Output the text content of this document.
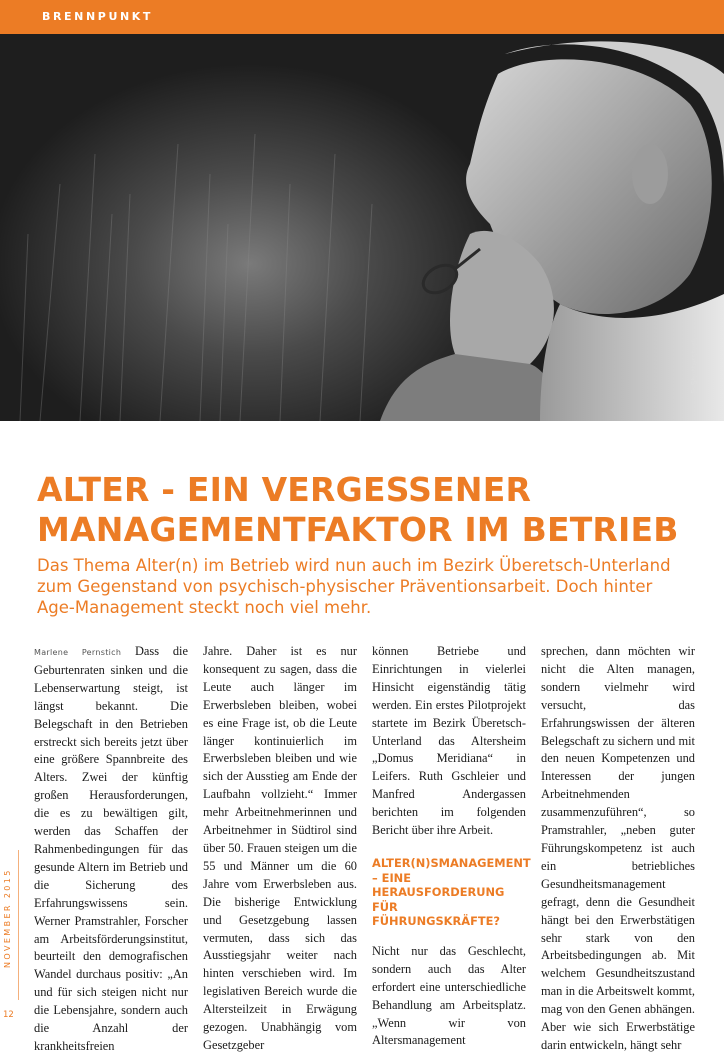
BRENNPUNKT
F: Shutterstock
ALTER - EIN VERGESSENER
MANAGEMENTFAKTOR IM BETRIEB

Das Thema Alter(n) im Betrieb wird nun auch im Bezirk Überetsch-Unterland
zum Gegenstand von psychisch-physischer Präventionsarbeit. Doch hinter
Age-Management steckt noch viel mehr.

Marlene Pernstich Dass die Geburtenraten sinken und die Lebenserwartung steigt, ist längst bekannt. Die Belegschaft in den Betrieben erstreckt sich bereits jetzt über eine größere Spannbreite des Alters. Zwei der künftig großen Herausforderungen, die es zu bewältigen gilt, werden das Schaffen der Rahmenbedingungen für das gesunde Altern im Betrieb und die Sicherung des Erfahrungswissens sein. Werner Pramstrahler, Forscher am Arbeitsförderungsinstitut, beurteilt den demografischen Wandel durchaus positiv: „An und für sich steigen nicht nur die Lebensjahre, sondern auch die Anzahl der krankheitsfreien

Jahre. Daher ist es nur konsequent zu sagen, dass die Leute auch länger im Erwerbsleben bleiben, wobei es eine Frage ist, ob die Leute länger kontinuierlich im Erwerbsleben bleiben und wie sich der Ausstieg am Ende der Laufbahn vollzieht.“ Immer mehr Arbeitnehmerinnen und Arbeitnehmer in Südtirol sind über 50. Frauen steigen um die 55 und Männer um die 60 Jahre vom Erwerbsleben aus. Die bisherige Entwicklung und Gesetzgebung lassen vermuten, dass sich das Ausstiegsjahr weiter nach hinten verschieben wird. Im legislativen Bereich wurde die Altersteilzeit in Erwägung gezogen. Unabhängig vom Gesetzgeber

können Betriebe und Einrichtungen in vielerlei Hinsicht eigenständig tätig werden. Ein erstes Pilotprojekt startete im Bezirk Überetsch-Unterland das Altersheim „Domus Meridiana“ in Leifers. Ruth Gschleier und Manfred Andergassen berichten im folgenden Bericht über ihre Arbeit.

ALTER(N)SMANAGEMENT – EINE HERAUSFORDERUNG FÜR FÜHRUNGSKRÄFTE?

Nicht nur das Geschlecht, sondern auch das Alter erfordert eine unterschiedliche Behandlung am Arbeitsplatz. „Wenn wir von Altersmanagement

sprechen, dann möchten wir nicht die Alten managen, sondern vielmehr wird versucht, das Erfahrungswissen der älteren Belegschaft zu sichern und mit den neuen Kompetenzen und Interessen der jungen Arbeitnehmenden zusammenzuführen“, so Pramstrahler, „neben guter Führungskompetenz ist auch ein betriebliches Gesundheitsmanagement gefragt, denn die Gesundheit hängt bei den Erwerbstätigen sehr stark von den Arbeitsbedingungen ab. Mit welchem Gesundheitszustand man in die Arbeitswelt kommt, mag von den Genen abhängen. Aber wie sich Erwerbstätige darin entwickeln, hängt sehr

NOVEMBER 2015
12
